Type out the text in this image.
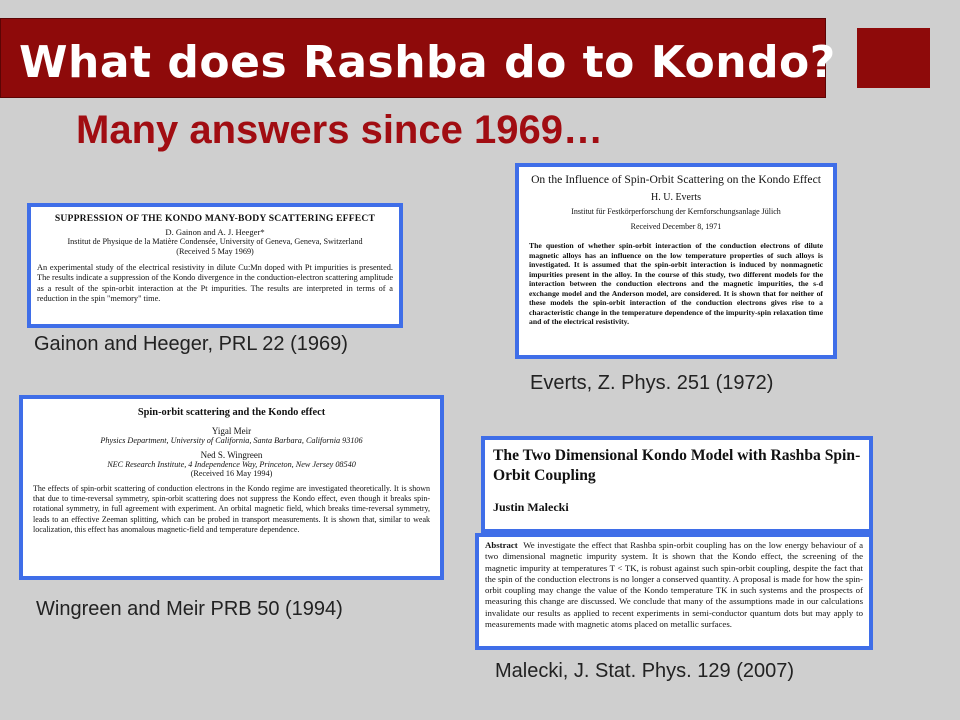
What does Rashba do to Kondo?
Many answers since 1969…
SUPPRESSION OF THE KONDO MANY-BODY SCATTERING EFFECT
D. Gainon and A. J. Heeger*
Institut de Physique de la Matière Condensée, University of Geneva, Geneva, Switzerland
(Received 5 May 1969)
An experimental study of the electrical resistivity in dilute Cu:Mn doped with Pt impurities is presented. The results indicate a suppression of the Kondo divergence in the conduction-electron scattering amplitude as a result of the spin-orbit interaction at the Pt impurities. The results are interpreted in terms of a reduction in the spin "memory" time.
Gainon and Heeger, PRL 22 (1969)
On the Influence of Spin-Orbit Scattering on the Kondo Effect
H. U. Everts
Institut für Festkörperforschung der Kernforschungsanlage Jülich
Received December 8, 1971
The question of whether spin-orbit interaction of the conduction electrons of dilute magnetic alloys has an influence on the low temperature properties of such alloys is investigated. It is assumed that the spin-orbit interaction is induced by nonmagnetic impurities present in the alloy. In the course of this study, two different models for the interaction between the conduction electrons and the magnetic impurities, the s-d exchange model and the Anderson model, are considered. It is shown that for neither of these models the spin-orbit interaction of the conduction electrons gives rise to a characteristic change in the temperature dependence of the impurity-spin relaxation time and of the electrical resistivity.
Everts, Z. Phys. 251 (1972)
Spin-orbit scattering and the Kondo effect
Yigal Meir
Physics Department, University of California, Santa Barbara, California 93106
Ned S. Wingreen
NEC Research Institute, 4 Independence Way, Princeton, New Jersey 08540
(Received 16 May 1994)
The effects of spin-orbit scattering of conduction electrons in the Kondo regime are investigated theoretically. It is shown that due to time-reversal symmetry, spin-orbit scattering does not suppress the Kondo effect, even though it breaks spin-rotational symmetry, in full agreement with experiment. An orbital magnetic field, which breaks time-reversal symmetry, leads to an effective Zeeman splitting, which can be probed in transport measurements. It is shown that, similar to weak localization, this effect has anomalous magnetic-field and temperature dependence.
Wingreen and Meir PRB 50 (1994)
The Two Dimensional Kondo Model with Rashba Spin-Orbit Coupling
Justin Malecki
Abstract We investigate the effect that Rashba spin-orbit coupling has on the low energy behaviour of a two dimensional magnetic impurity system. It is shown that the Kondo effect, the screening of the magnetic impurity at temperatures T < TK, is robust against such spin-orbit coupling, despite the fact that the spin of the conduction electrons is no longer a conserved quantity. A proposal is made for how the spin-orbit coupling may change the value of the Kondo temperature TK in such systems and the prospects of measuring this change are discussed. We conclude that many of the assumptions made in our calculations invalidate our results as applied to recent experiments in semi-conductor quantum dots but may apply to measurements made with magnetic atoms placed on metallic surfaces.
Malecki, J. Stat. Phys. 129 (2007)
